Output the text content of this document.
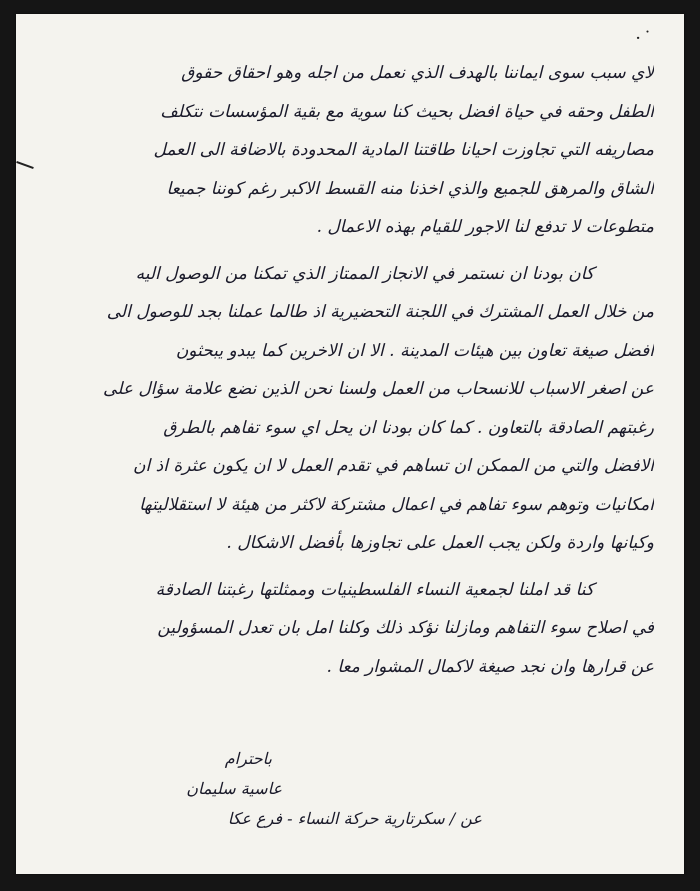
·˙
لاي سبب سوى ايماننا بالهدف الذي نعمل من اجله وهو احقاق حقوق
الطفل وحقه في حياة افضل بحيث كنا سوية مع بقية المؤسسات نتكلف
مصاريفه التي تجاوزت احيانا طاقتنا المادية المحدودة بالاضافة الى العمل
الشاق والمرهق للجميع والذي اخذنا منه القسط الاكبر رغم كوننا جميعا
متطوعات لا تدفع لنا الاجور للقيام بهذه الاعمال .
كان بودنا ان نستمر في الانجاز الممتاز الذي تمكنا من الوصول اليه
من خلال العمل المشترك في اللجنة التحضيرية اذ طالما عملنا بجد للوصول الى
افضل صيغة تعاون بين هيئات المدينة . الا ان الاخرين كما يبدو يبحثون
عن اصغر الاسباب للانسحاب من العمل ولسنا نحن الذين نضع علامة سؤال على
رغبتهم الصادقة بالتعاون . كما كان بودنا ان يحل اي سوء تفاهم بالطرق
الافضل والتي من الممكن ان تساهم في تقدم العمل لا ان يكون عثرة اذ ان
امكانيات وتوهم سوء تفاهم في اعمال مشتركة لاكثر من هيئة لا استقلاليتها
وكيانها واردة ولكن يجب العمل على تجاوزها بأفضل الاشكال .
كنا قد املنا لجمعية النساء الفلسطينيات وممثلتها رغبتنا الصادقة
في اصلاح سوء التفاهم ومازلنا نؤكد ذلك وكلنا امل بان تعدل المسؤولين
عن قرارها وان نجد صيغة لاكمال المشوار معا .
باحترام
عاسية سليمان
عن / سكرتارية حركة النساء - فرع عكا
